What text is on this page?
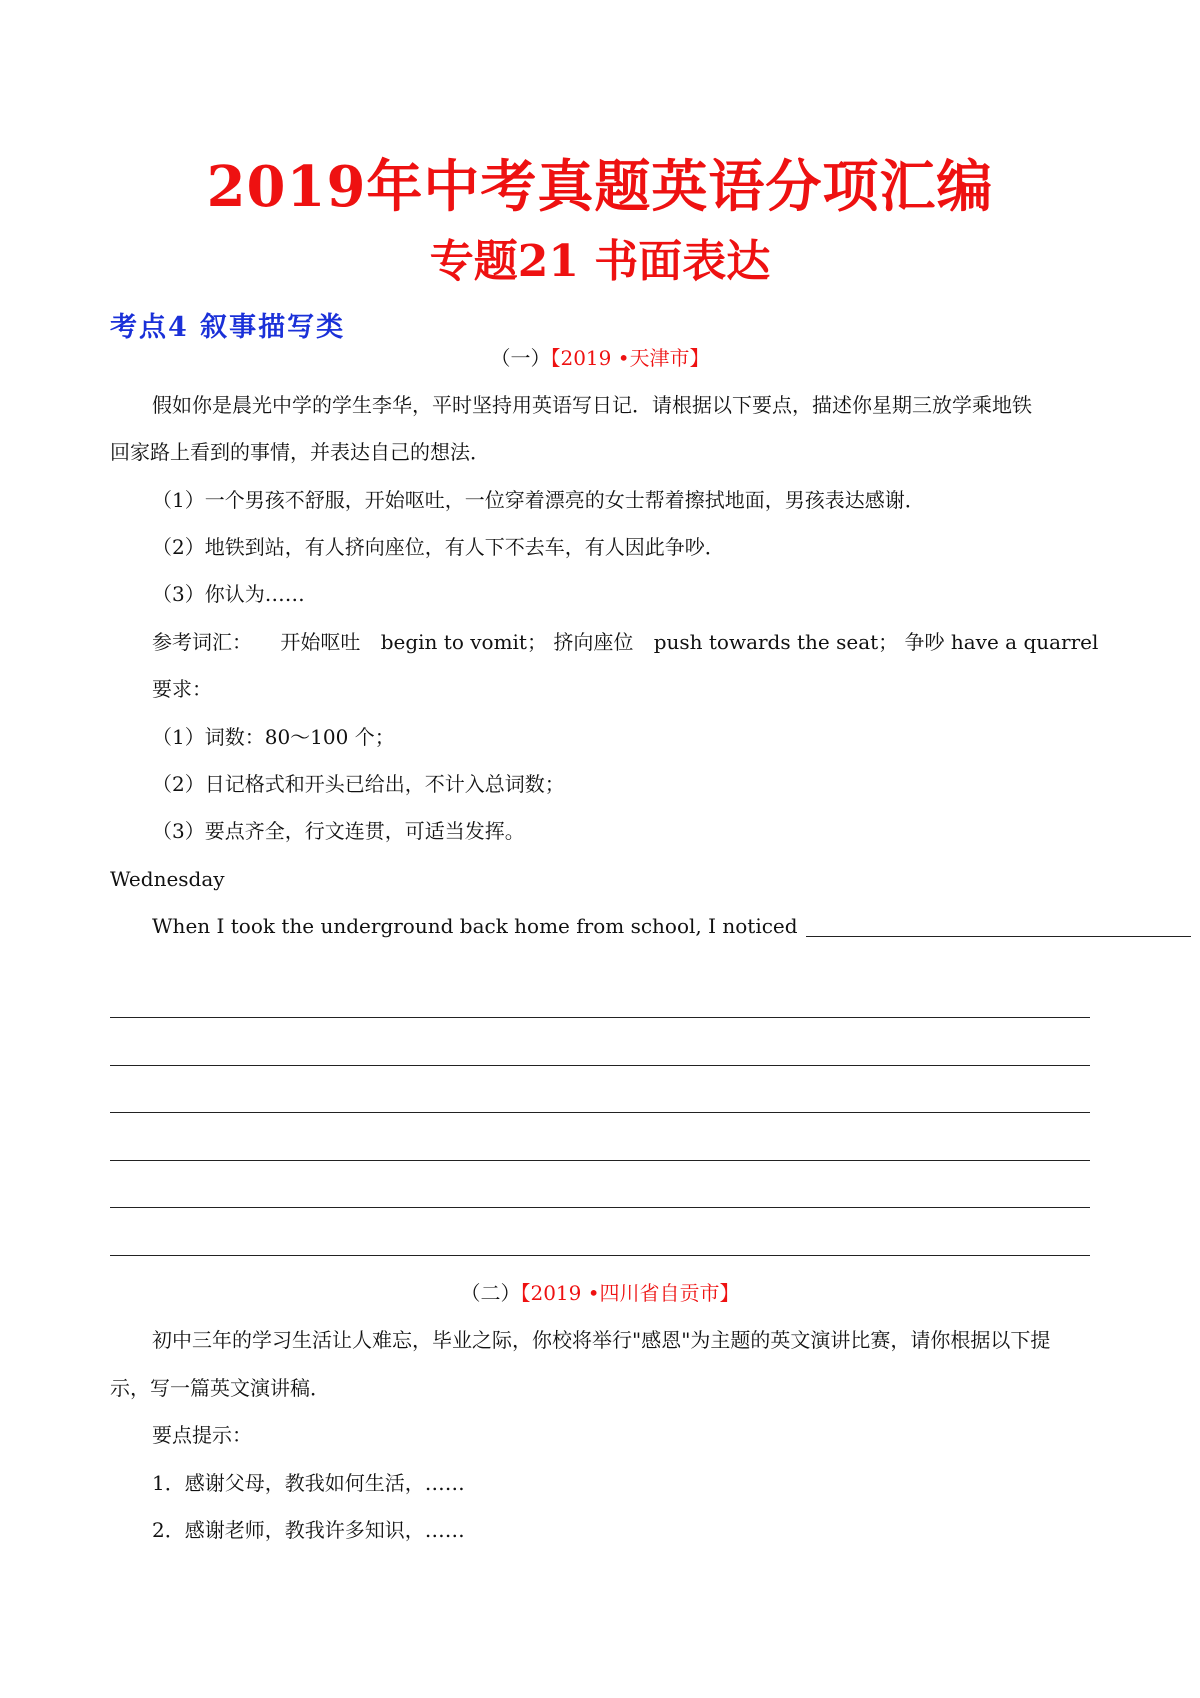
2019年中考真题英语分项汇编
专题21 书面表达
考点4 叙事描写类
（一）【2019 •天津市】
假如你是晨光中学的学生李华，平时坚持用英语写日记．请根据以下要点，描述你星期三放学乘地铁
回家路上看到的事情，并表达自己的想法．
（1）一个男孩不舒服，开始呕吐，一位穿着漂亮的女士帮着擦拭地面，男孩表达感谢．
（2）地铁到站，有人挤向座位，有人下不去车，有人因此争吵．
（3）你认为……
参考词汇： 开始呕吐 begin to vomit； 挤向座位 push towards the seat； 争吵 have a quarrel
要求：
（1）词数：80～100 个；
（2）日记格式和开头已给出，不计入总词数；
（3）要点齐全，行文连贯，可适当发挥。
Wednesday
When I took the underground back home from school, I noticed
（二）【2019 •四川省自贡市】
初中三年的学习生活让人难忘，毕业之际，你校将举行"感恩"为主题的英文演讲比赛，请你根据以下提
示，写一篇英文演讲稿．
要点提示：
1．感谢父母，教我如何生活，……
2．感谢老师，教我许多知识，……
